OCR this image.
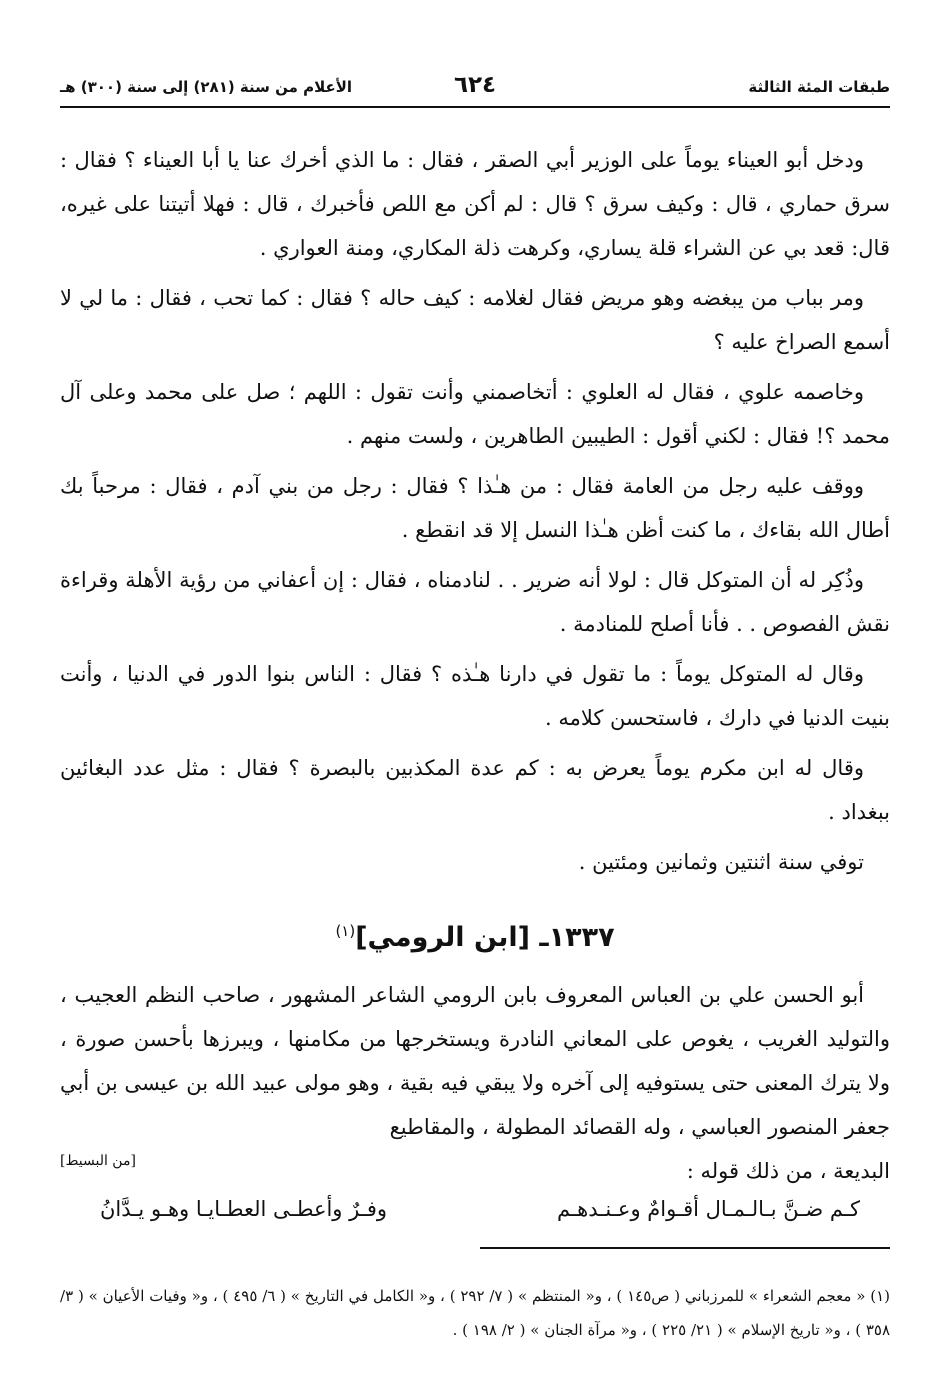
طبقات المئة الثالثة
٦٢٤
الأعلام من سنة (٢٨١) إلى سنة (٣٠٠) هـ

ودخل أبو العيناء يوماً على الوزير أبي الصقر ، فقال : ما الذي أخرك عنا يا أبا العيناء ؟ فقال : سرق حماري ، قال : وكيف سرق ؟ قال : لم أكن مع اللص فأخبرك ، قال : فهلا أتيتنا على غيره، قال: قعد بي عن الشراء قلة يساري، وكرهت ذلة المكاري، ومنة العواري .

ومر بباب من يبغضه وهو مريض فقال لغلامه : كيف حاله ؟ فقال : كما تحب ، فقال : ما لي لا أسمع الصراخ عليه ؟

وخاصمه علوي ، فقال له العلوي : أتخاصمني وأنت تقول : اللهم ؛ صل على محمد وعلى آل محمد ؟! فقال : لكني أقول : الطيبين الطاهرين ، ولست منهم .

ووقف عليه رجل من العامة فقال : من هـٰذا ؟ فقال : رجل من بني آدم ، فقال : مرحباً بك أطال الله بقاءك ، ما كنت أظن هـٰذا النسل إلا قد انقطع .

وذُكِر له أن المتوكل قال : لولا أنه ضرير . . لنادمناه ، فقال : إن أعفاني من رؤية الأهلة وقراءة نقش الفصوص . . فأنا أصلح للمنادمة .

وقال له المتوكل يوماً : ما تقول في دارنا هـٰذه ؟ فقال : الناس بنوا الدور في الدنيا ، وأنت بنيت الدنيا في دارك ، فاستحسن كلامه .

وقال له ابن مكرم يوماً يعرض به : كم عدة المكذبين بالبصرة ؟ فقال : مثل عدد البغائين ببغداد .

توفي سنة اثنتين وثمانين ومئتين .

١٣٣٧ـ [ابن الرومي]$^{(١)}$

أبو الحسن علي بن العباس المعروف بابن الرومي الشاعر المشهور ، صاحب النظم العجيب ، والتوليد الغريب ، يغوص على المعاني النادرة ويستخرجها من مكامنها ، ويبرزها بأحسن صورة ، ولا يترك المعنى حتى يستوفيه إلى آخره ولا يبقي فيه بقية ، وهو مولى عبيد الله بن عيسى بن أبي جعفر المنصور العباسي ، وله القصائد المطولة ، والمقاطيع

البديعة ، من ذلك قوله :
[من البسيط]
كـم ضـنَّ بـالـمـال أقـوامٌ وعـنـدهـم
وفـرٌ وأعطـى العطـايـا وهـو يـدَّانُ

(١) « معجم الشعراء » للمرزباني ( ص١٤٥ ) ، و« المنتظم » ( ٧/ ٢٩٢ ) ، و« الكامل في التاريخ » ( ٦/ ٤٩٥ ) ، و« وفيات الأعيان » ( ٣/ ٣٥٨ ) ، و« تاريخ الإسلام » ( ٢١/ ٢٢٥ ) ، و« مرآة الجنان » ( ٢/ ١٩٨ ) .
